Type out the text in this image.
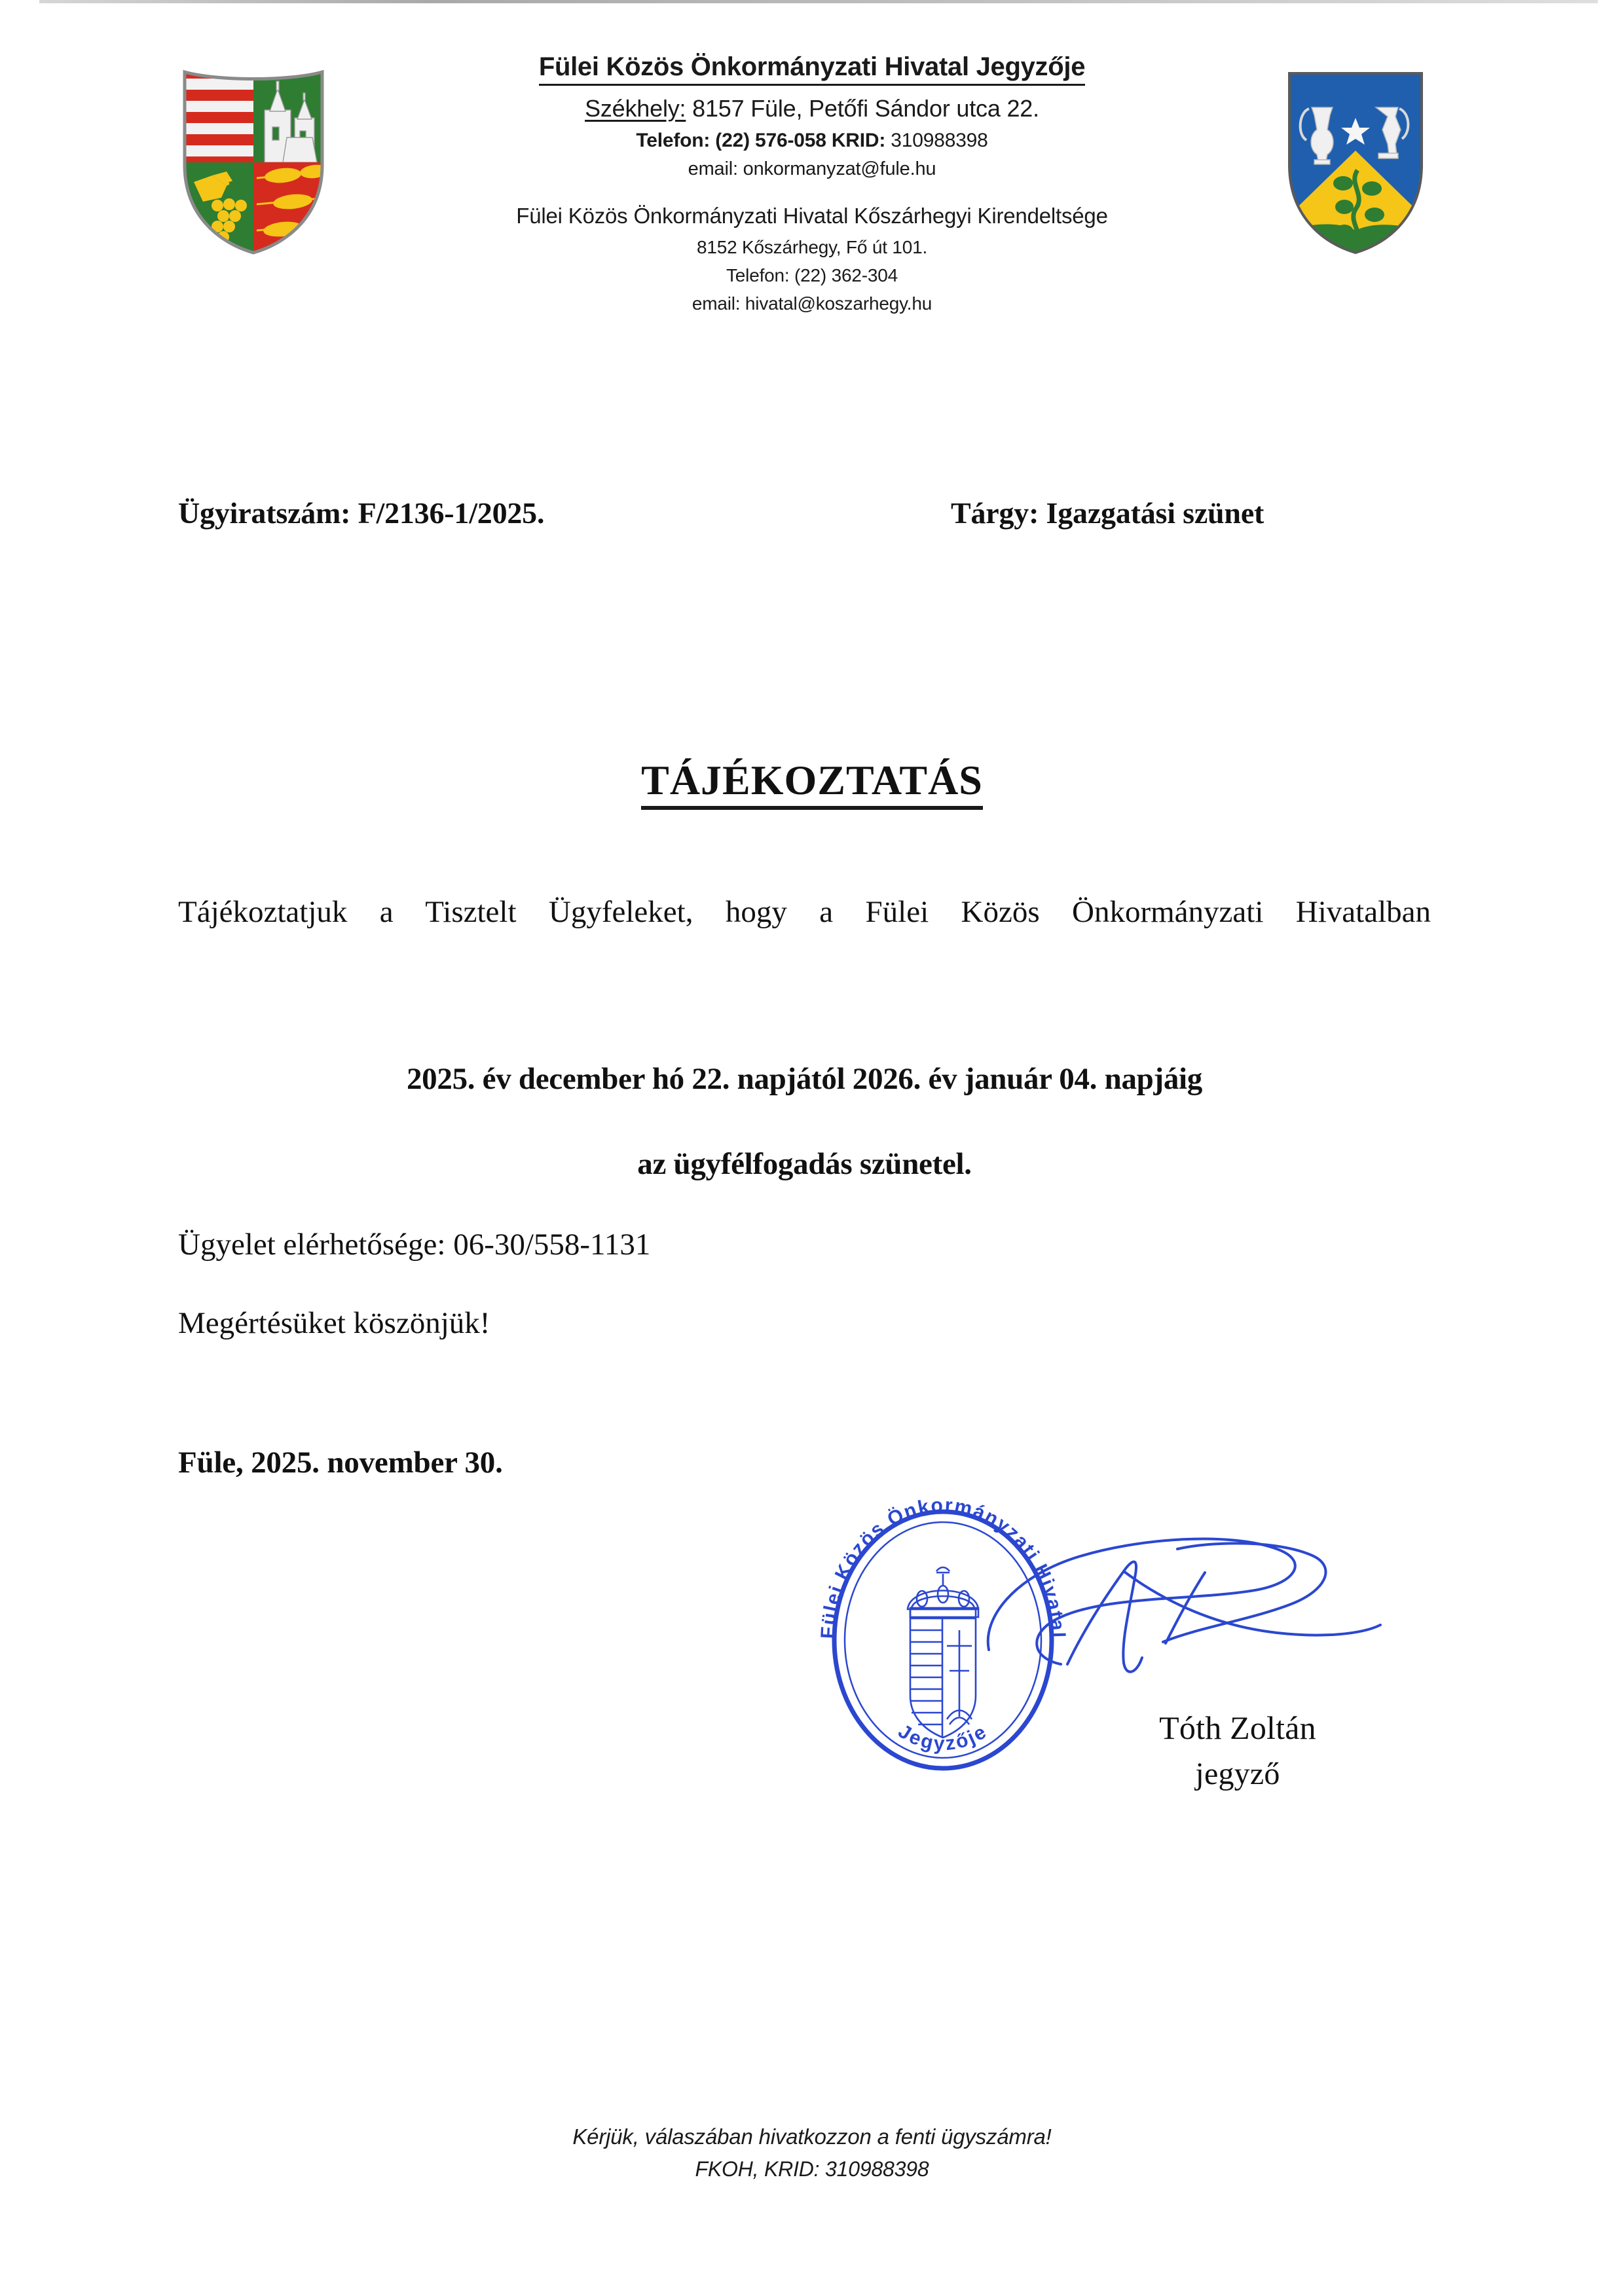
Fülei Közös Önkormányzati Hivatal Jegyzője
Székhely: 8157 Füle, Petőfi Sándor utca 22.
Telefon: (22) 576-058 KRID: 310988398
email: onkormanyzat@fule.hu
Fülei Közös Önkormányzati Hivatal Kőszárhegyi Kirendeltsége
8152 Kőszárhegy, Fő út 101.
Telefon: (22) 362-304
email: hivatal@koszarhegy.hu
Ügyiratszám: F/2136-1/2025.	Tárgy: Igazgatási szünet
TÁJÉKOZTATÁS

Tájékoztatjuk a Tisztelt Ügyfeleket, hogy a Fülei Közös Önkormányzati Hivatalban

2025. év december hó 22. napjától 2026. év január 04. napjáig
az ügyfélfogadás szünetel.
Ügyelet elérhetősége: 06-30/558-1131
Megértésüket köszönjük!
Füle, 2025. november 30.
Fülei Közös Önkormányzati Hivatal
Jegyzője	Tóth Zoltán
jegyző
Kérjük, válaszában hivatkozzon a fenti ügyszámra!
FKOH, KRID: 310988398
